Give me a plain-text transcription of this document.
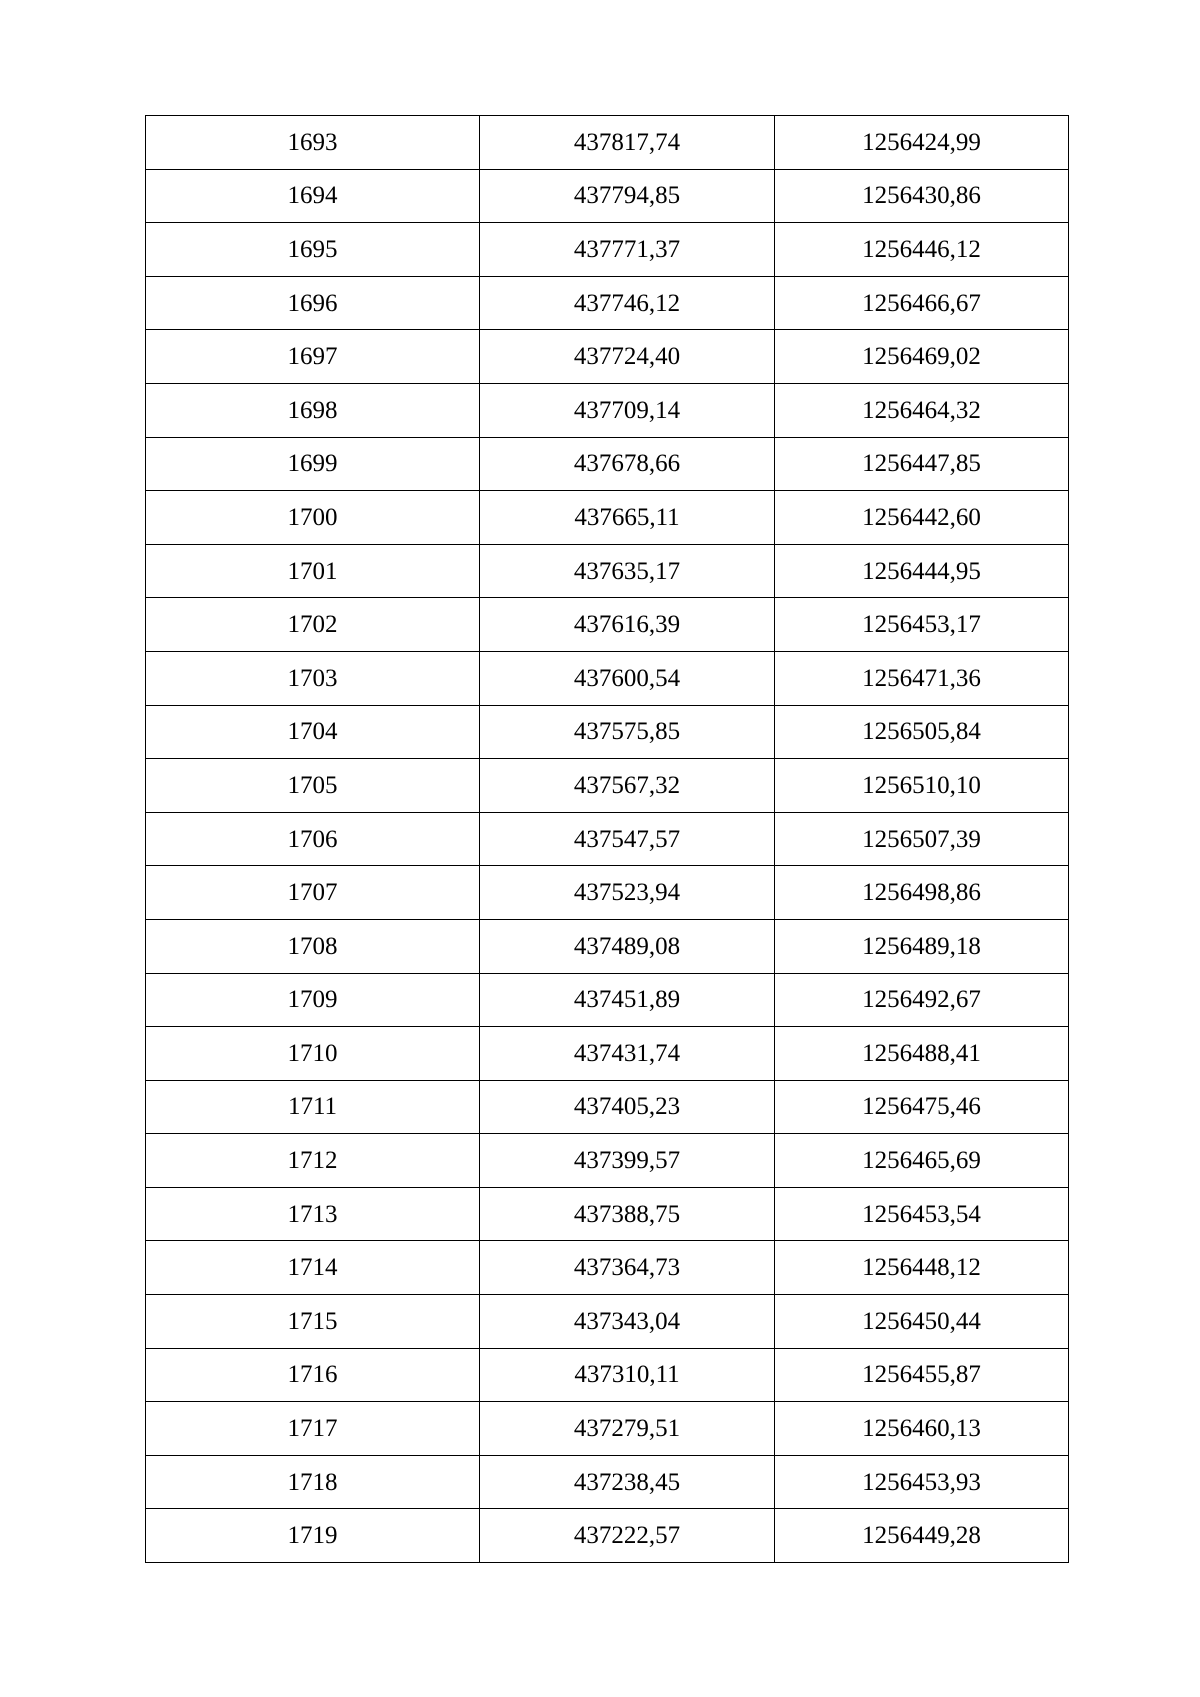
1693	437817,74	1256424,99
1694	437794,85	1256430,86
1695	437771,37	1256446,12
1696	437746,12	1256466,67
1697	437724,40	1256469,02
1698	437709,14	1256464,32
1699	437678,66	1256447,85
1700	437665,11	1256442,60
1701	437635,17	1256444,95
1702	437616,39	1256453,17
1703	437600,54	1256471,36
1704	437575,85	1256505,84
1705	437567,32	1256510,10
1706	437547,57	1256507,39
1707	437523,94	1256498,86
1708	437489,08	1256489,18
1709	437451,89	1256492,67
1710	437431,74	1256488,41
1711	437405,23	1256475,46
1712	437399,57	1256465,69
1713	437388,75	1256453,54
1714	437364,73	1256448,12
1715	437343,04	1256450,44
1716	437310,11	1256455,87
1717	437279,51	1256460,13
1718	437238,45	1256453,93
1719	437222,57	1256449,28
